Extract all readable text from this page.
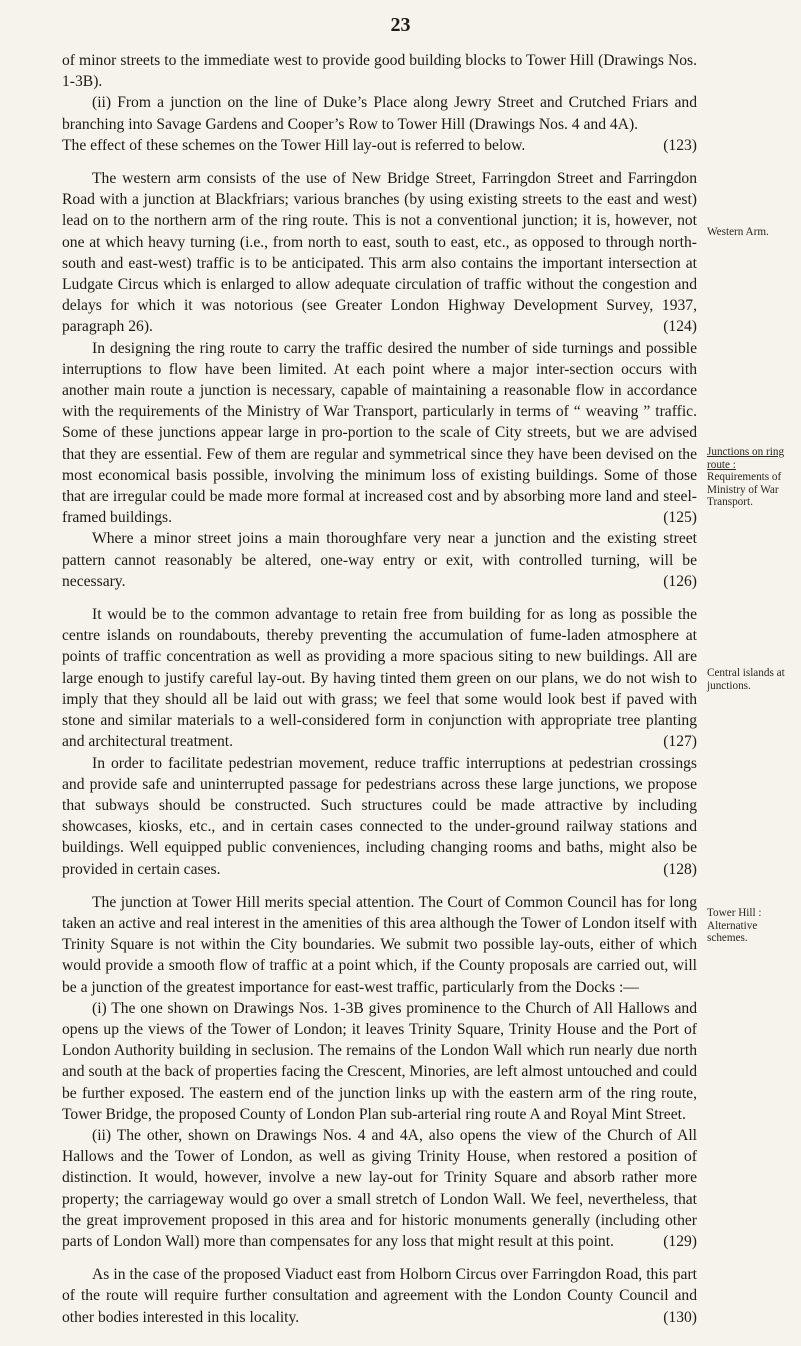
23

of minor streets to the immediate west to provide good building blocks to Tower Hill (Drawings Nos. 1-3B).

(ii) From a junction on the line of Duke’s Place along Jewry Street and Crutched Friars and branching into Savage Gardens and Cooper’s Row to Tower Hill (Drawings Nos. 4 and 4A).

(123)
The effect of these schemes on the Tower Hill lay-out is referred to below.

The western arm consists of the use of New Bridge Street, Farringdon Street and Farringdon Road with a junction at Blackfriars; various branches (by using existing streets to the east and west) lead on to the northern arm of the ring route. This is not a conventional junction; it is, however, not one at which heavy turning (i.e., from north to east, south to east, etc., as opposed to through north-south and east-west) traffic is to be anticipated. This arm also contains the important intersection at Ludgate Circus which is enlarged to allow adequate circulation of traffic without the congestion and delays for which it was notorious (see Greater London Highway Development Survey, 1937, paragraph 26).	(124)

In designing the ring route to carry the traffic desired the number of side turnings and possible interruptions to flow have been limited. At each point where a major inter-section occurs with another main route a junction is necessary, capable of maintaining a reasonable flow in accordance with the requirements of the Ministry of War Transport, particularly in terms of “ weaving ” traffic. Some of these junctions appear large in pro-portion to the scale of City streets, but we are advised that they are essential. Few of them are regular and symmetrical since they have been devised on the most economical basis possible, involving the minimum loss of existing buildings. Some of those that are irregular could be made more formal at increased cost and by absorbing more land and steel-framed buildings.	(125)

Where a minor street joins a main thoroughfare very near a junction and the existing street pattern cannot reasonably be altered, one-way entry or exit, with controlled turning, will be necessary.	(126)

It would be to the common advantage to retain free from building for as long as possible the centre islands on roundabouts, thereby preventing the accumulation of fume-laden atmosphere at points of traffic concentration as well as providing a more spacious siting to new buildings. All are large enough to justify careful lay-out. By having tinted them green on our plans, we do not wish to imply that they should all be laid out with grass; we feel that some would look best if paved with stone and similar materials to a well-considered form in conjunction with appropriate tree planting and architectural treatment.	(127)

In order to facilitate pedestrian movement, reduce traffic interruptions at pedestrian crossings and provide safe and uninterrupted passage for pedestrians across these large junctions, we propose that subways should be constructed. Such structures could be made attractive by including showcases, kiosks, etc., and in certain cases connected to the under-ground railway stations and buildings. Well equipped public conveniences, including changing rooms and baths, might also be provided in certain cases.	(128)

The junction at Tower Hill merits special attention. The Court of Common Council has for long taken an active and real interest in the amenities of this area although the Tower of London itself with Trinity Square is not within the City boundaries. We submit two possible lay-outs, either of which would provide a smooth flow of traffic at a point which, if the County proposals are carried out, will be a junction of the greatest importance for east-west traffic, particularly from the Docks :—

(i) The one shown on Drawings Nos. 1-3B gives prominence to the Church of All Hallows and opens up the views of the Tower of London; it leaves Trinity Square, Trinity House and the Port of London Authority building in seclusion. The remains of the London Wall which run nearly due north and south at the back of properties facing the Crescent, Minories, are left almost untouched and could be further exposed. The eastern end of the junction links up with the eastern arm of the ring route, Tower Bridge, the proposed County of London Plan sub-arterial ring route A and Royal Mint Street.

(ii) The other, shown on Drawings Nos. 4 and 4A, also opens the view of the Church of All Hallows and the Tower of London, as well as giving Trinity House, when restored a position of distinction. It would, however, involve a new lay-out for Trinity Square and absorb rather more property; the carriageway would go over a small stretch of London Wall. We feel, nevertheless, that the great improvement proposed in this area and for historic monuments generally (including other parts of London Wall) more than compensates for any loss that might result at this point.	(129)

As in the case of the proposed Viaduct east from Holborn Circus over Farringdon Road, this part of the route will require further consultation and agreement with the London County Council and other bodies interested in this locality.	(130)

Western Arm.
Junctions on ring route :
Requirements of Ministry of War Transport.
Central islands at junctions.
Tower Hill :
Alternative schemes.
